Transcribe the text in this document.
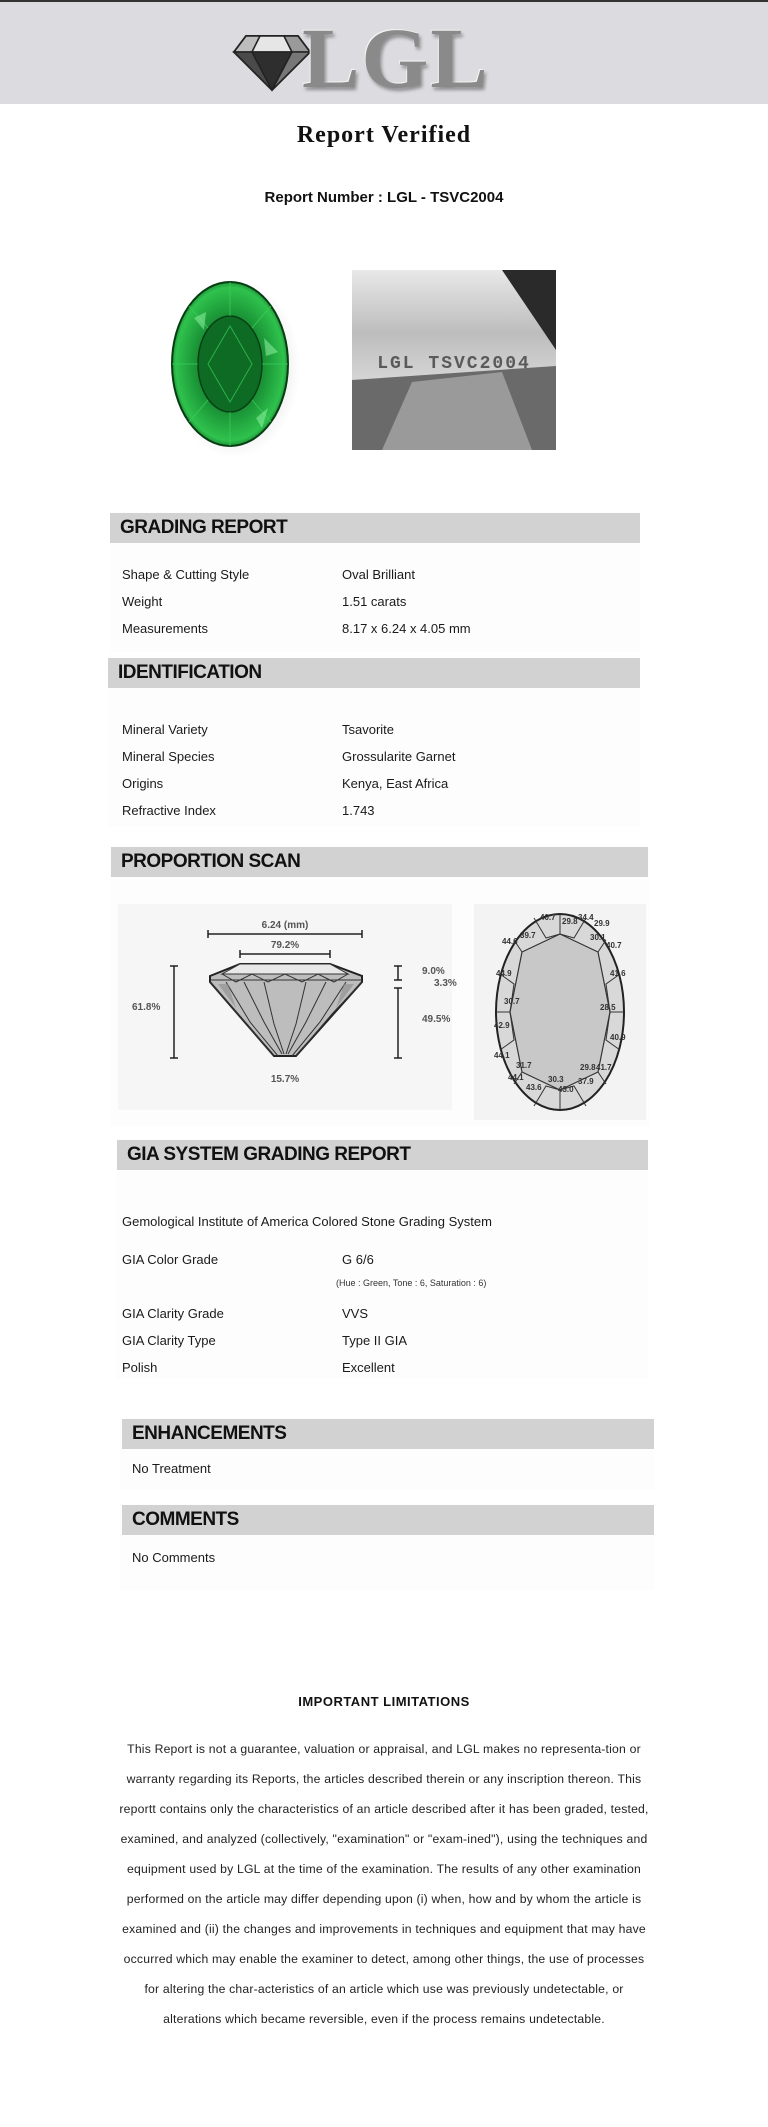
LGL
Report Verified
Report Number : LGL - TSVC2004
LGL TSVC2004
GRADING REPORT
Shape & Cutting Style	Oval Brilliant
Weight	1.51 carats
Measurements	8.17 x 6.24 x 4.05 mm
IDENTIFICATION
Mineral Variety	Tsavorite
Mineral Species	Grossularite Garnet
Origins	Kenya, East Africa
Refractive Index	1.743
PROPORTION SCAN
6.24 (mm)
79.2%
61.8%
9.0%
3.3%
49.5%
15.7%
40.7 29.8 34.4
29.9
44.6
39.7	30.1
40.7
44.9	41.6
30.7
28.5
42.9
40.9
44.1
31.7	29.8 41.7
44.1	30.3
43.6
37.9
43.0
GIA SYSTEM GRADING REPORT
Gemological Institute of America Colored Stone Grading System
GIA Color Grade	G 6/6
(Hue : Green, Tone : 6, Saturation : 6)
GIA Clarity Grade	VVS
GIA Clarity Type	Type II GIA
Polish	Excellent
ENHANCEMENTS
No Treatment
COMMENTS
No Comments
IMPORTANT LIMITATIONS
This Report is not a guarantee, valuation or appraisal, and LGL makes no representa-tion or warranty regarding its Reports, the articles described therein or any inscription thereon. This reportt contains only the characteristics of an article described after it has been graded, tested, examined, and analyzed (collectively, "examination" or "exam-ined"), using the techniques and equipment used by LGL at the time of the examination. The results of any other examination performed on the article may differ depending upon (i) when, how and by whom the article is examined and (ii) the changes and improvements in techniques and equipment that may have occurred which may enable the examiner to detect, among other things, the use of processes for altering the char-acteristics of an article which use was previously undetectable, or alterations which became reversible, even if the process remains undetectable.
